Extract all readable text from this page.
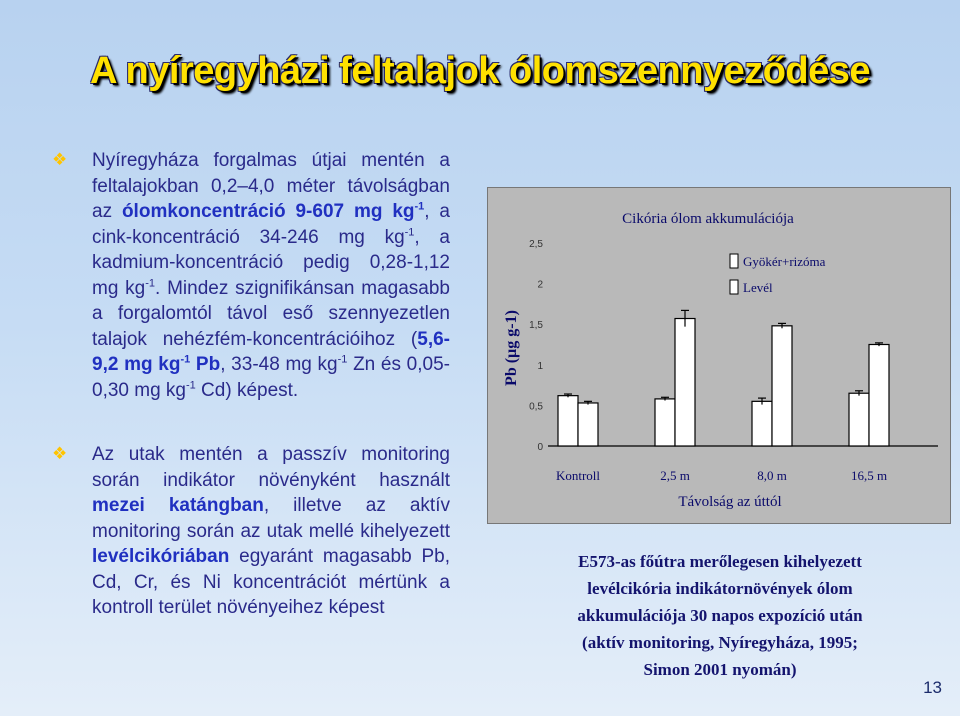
A nyíregyházi feltalajok ólomszennyeződése
❖ Nyíregyháza forgalmas útjai mentén a feltalajokban 0,2–4,0 méter távolságban az ólomkoncentráció 9-607 mg $kg^{-1}$, a cink-koncentráció 34-246 mg $kg^{-1}$, a kadmium-koncentráció pedig 0,28-1,12 mg $kg^{-1}$. Mindez szignifikánsan magasabb a forgalomtól távol eső szennyezetlen talajok nehézfém-koncentrációihoz (5,6-9,2 mg $kg^{-1}$ Pb, 33-48 mg $kg^{-1}$ Zn és 0,05-0,30 mg $kg^{-1}$ Cd) képest.
❖ Az utak mentén a passzív monitoring során indikátor növényként használt mezei katángban, illetve az aktív monitoring során az utak mellé kihelyezett levélcikóriában egyaránt magasabb Pb, Cd, Cr, és Ni koncentrációt mértünk a kontroll terület növényeihez képest
Cikória ólom akkumulációja
Pb (µg g-1)
0
0,5
1
1,5
2
2,5
Kontroll	2,5 m	8,0 m	16,5 m
Távolság az úttól
Gyökér+rizóma
Levél
E573-as főútra merőlegesen kihelyezett
levélcikória indikátornövények ólom
akkumulációja 30 napos expozíció után
(aktív monitoring, Nyíregyháza, 1995;
Simon 2001 nyomán)
13
